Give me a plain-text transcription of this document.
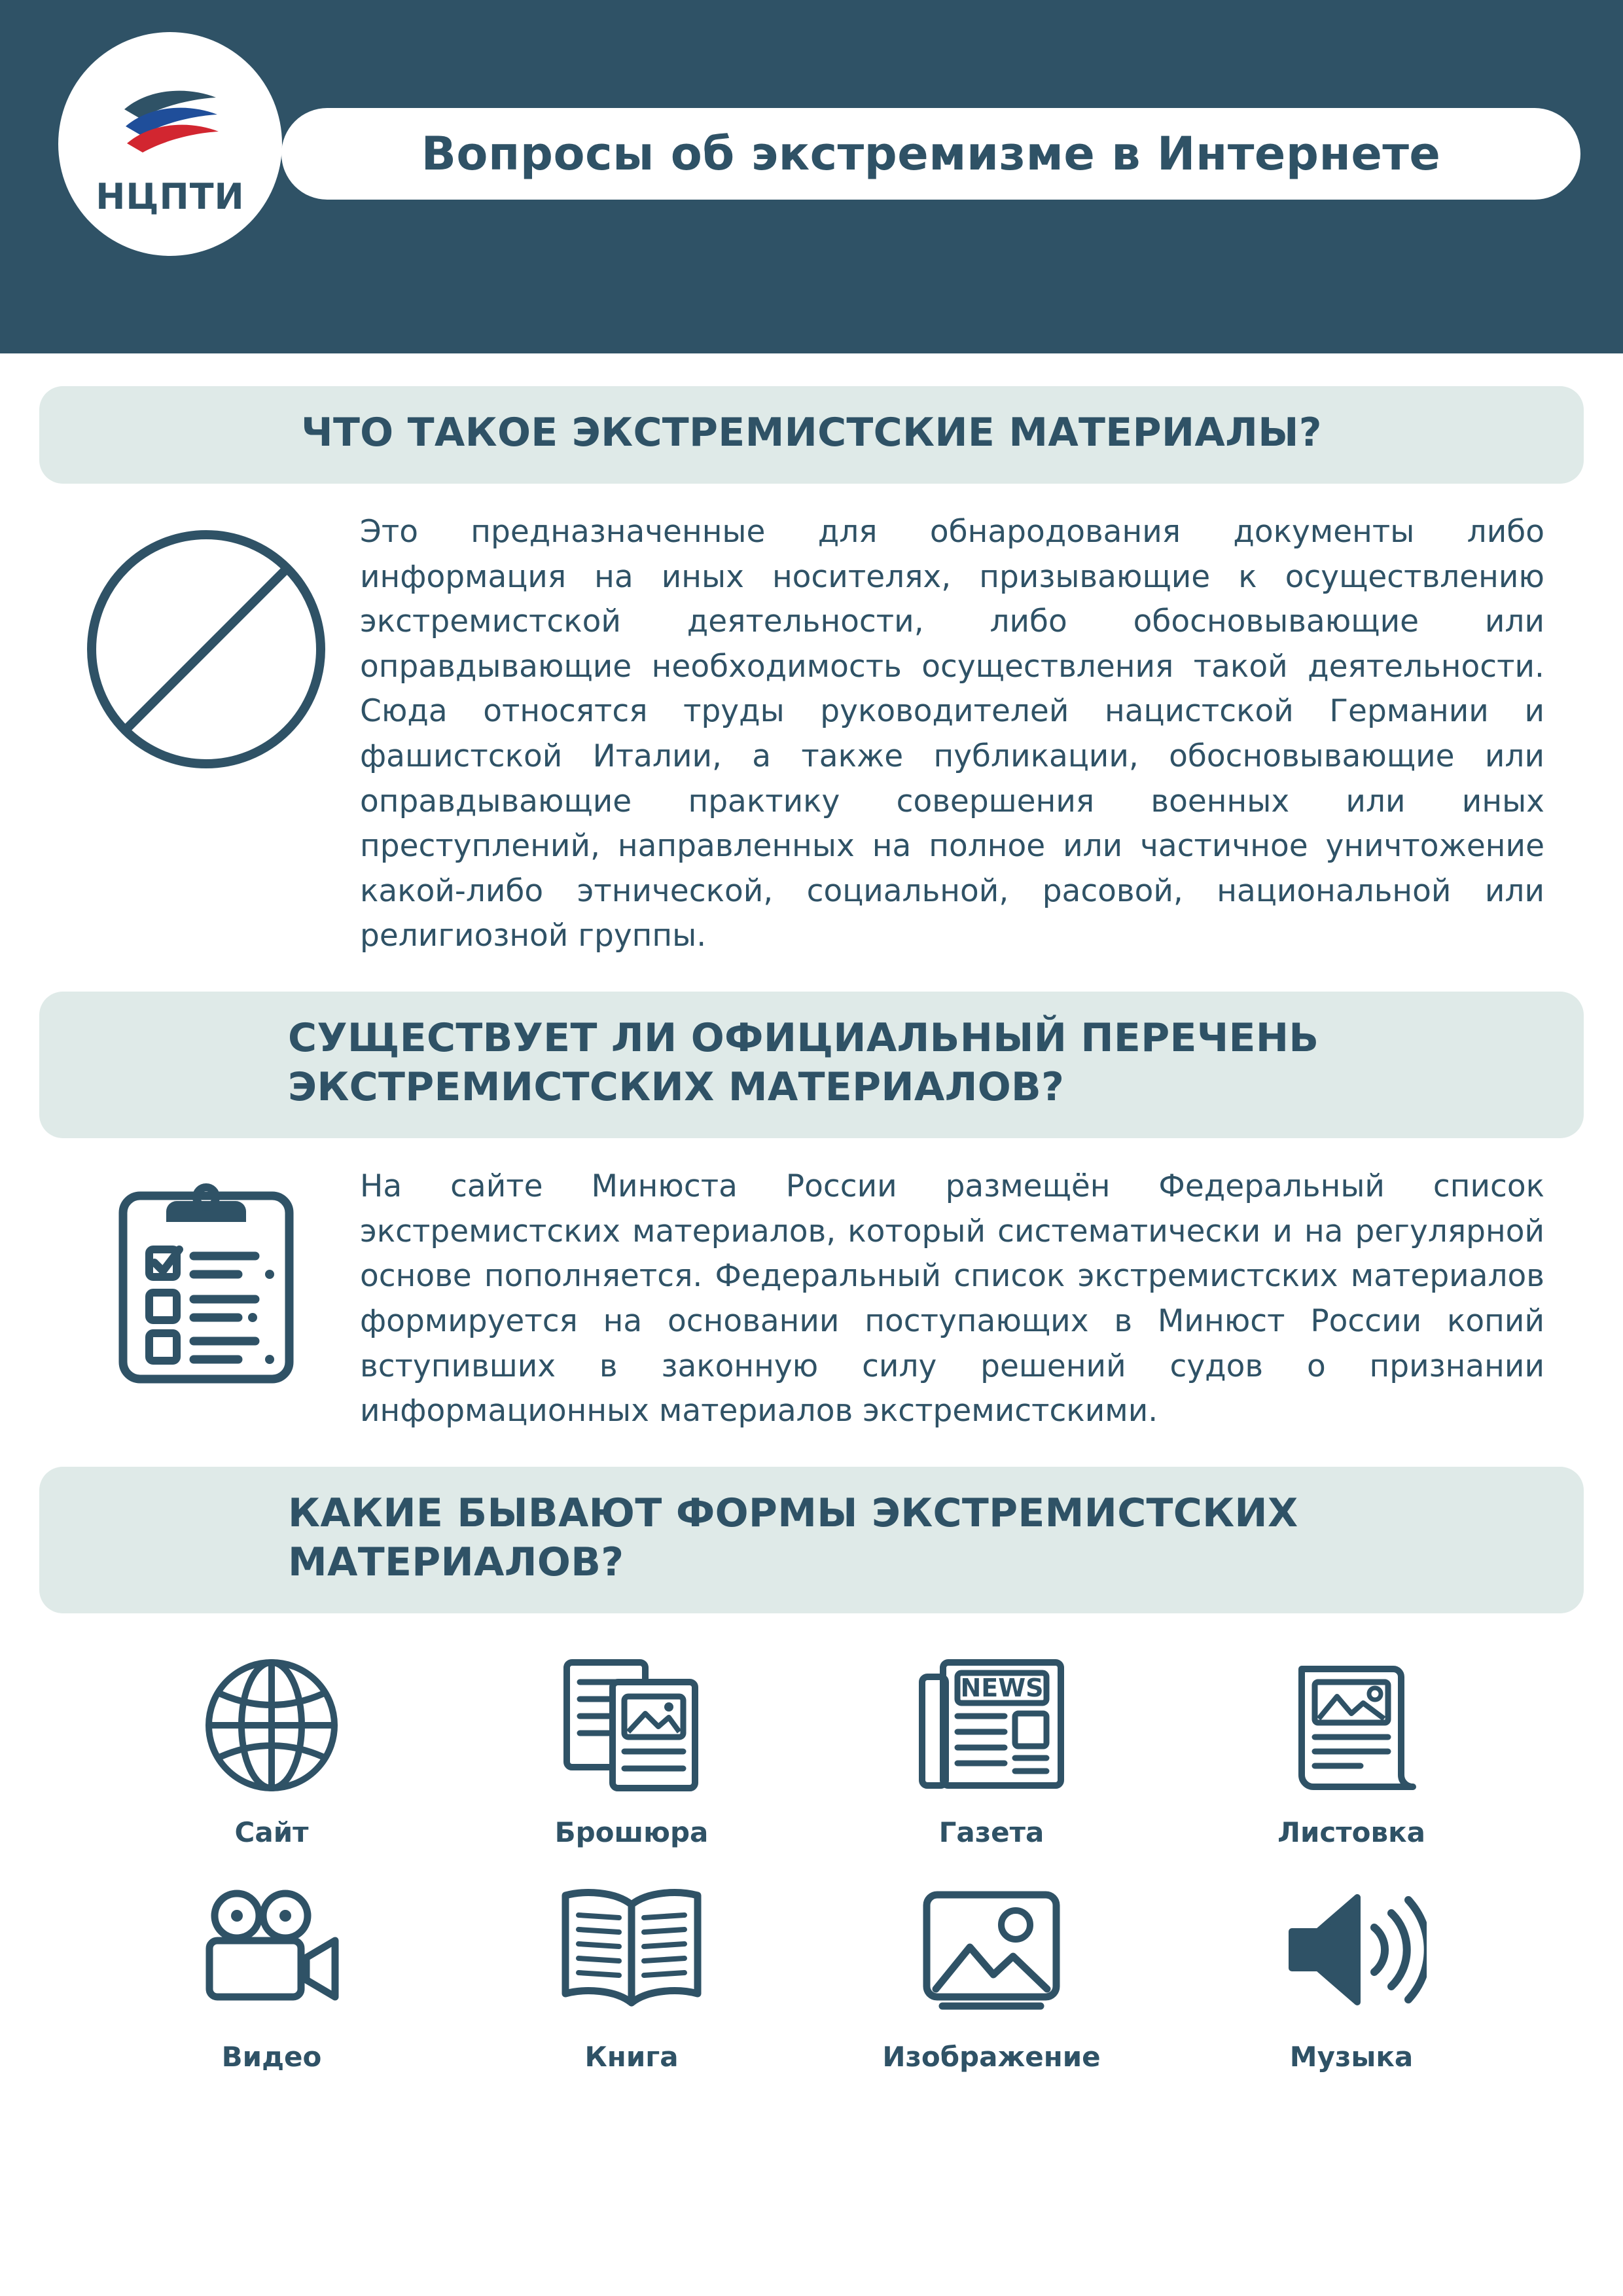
НЦПТИ
Вопросы об экстремизме в Интернете
ЧТО ТАКОЕ ЭКСТРЕМИСТСКИЕ МАТЕРИАЛЫ?

Это предназначенные для обнародования документы либо информация на иных носителях, призывающие к осуществлению экстремистской деятельности, либо обосновывающие или оправдывающие необходимость осуществления такой деятельности. Сюда относятся труды руководителей нацистской Германии и фашистской Италии, а также публикации, обосновывающие или оправдывающие практику совершения военных или иных преступлений, направленных на полное или частичное уничтожение какой-либо этнической, социальной, расовой, национальной или религиозной группы.

СУЩЕСТВУЕТ ЛИ ОФИЦИАЛЬНЫЙ ПЕРЕЧЕНЬ ЭКСТРЕМИСТСКИХ МАТЕРИАЛОВ?

На сайте Минюста России размещён Федеральный список экстремистских материалов, который систематически и на регулярной основе пополняется. Федеральный список экстремистских материалов формируется на основании поступающих в Минюст России копий вступивших в законную силу решений судов о признании информационных материалов экстремистскими.

КАКИЕ БЫВАЮТ ФОРМЫ ЭКСТРЕМИСТСКИХ МАТЕРИАЛОВ?
Сайт	Брошюра
NEWS
Газета	Листовка
Видео	Книга	Изображение	Музыка
